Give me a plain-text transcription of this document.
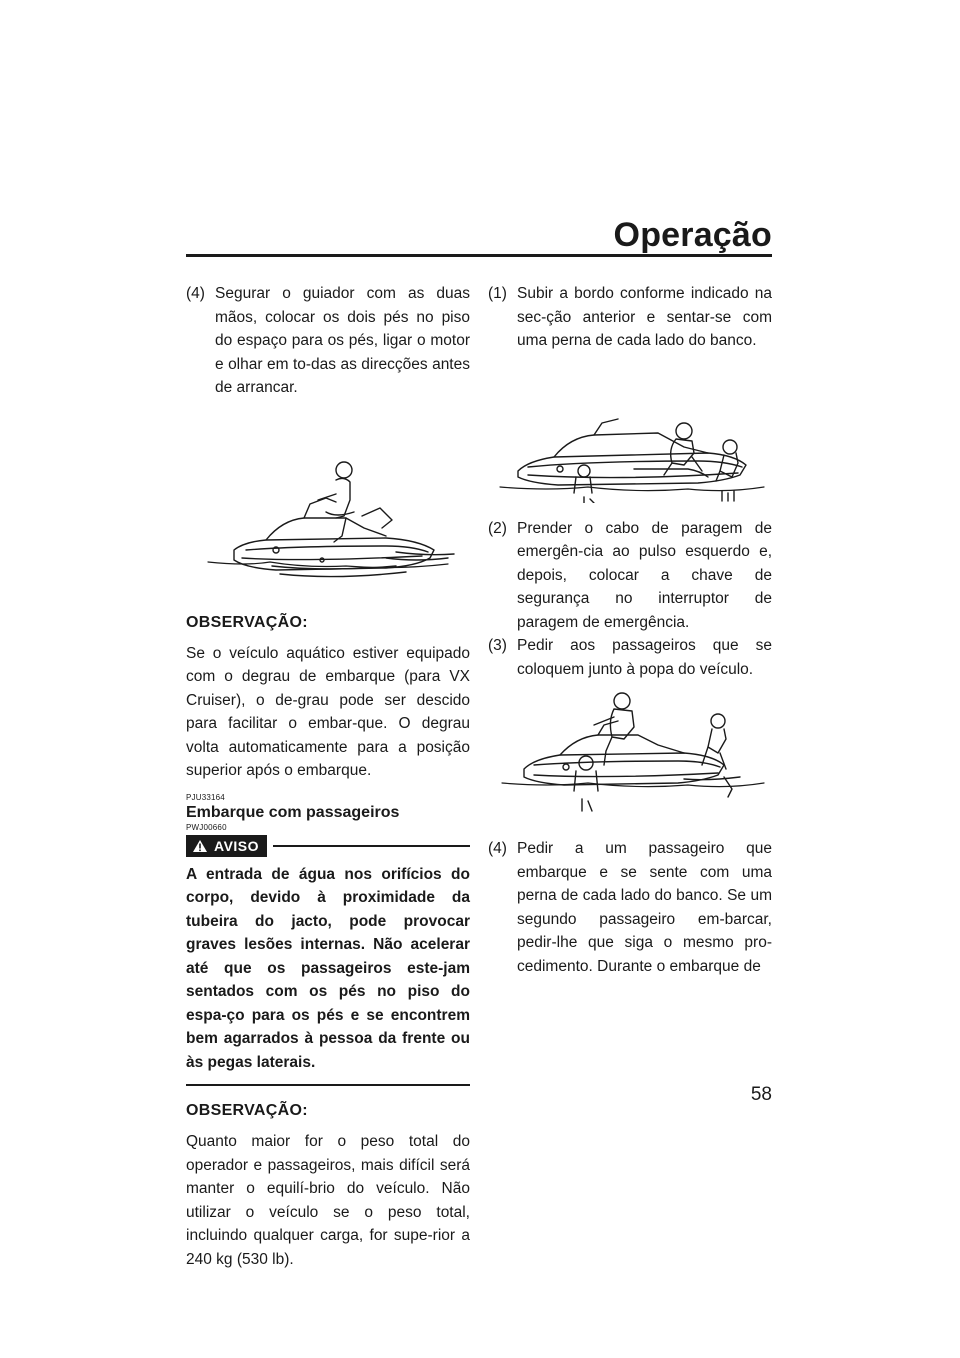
Operação

(4) Segurar o guiador com as duas mãos, colocar os dois pés no piso do espaço para os pés, ligar o motor e olhar em to-das as direcções antes de arrancar.

OBSERVAÇÃO:

Se o veículo aquático estiver equipado com o degrau de embarque (para VX Cruiser), o de-grau pode ser descido para facilitar o embar-que. O degrau volta automaticamente para a posição superior após o embarque.

PJU33164

Embarque com passageiros

PWJ00660

AVISO

A entrada de água nos orifícios do corpo, devido à proximidade da tubeira do jacto, pode provocar graves lesões internas. Não acelerar até que os passageiros este-jam sentados com os pés no piso do espa-ço para os pés e se encontrem bem agarrados à pessoa da frente ou às pegas laterais.

OBSERVAÇÃO:

Quanto maior for o peso total do operador e passageiros, mais difícil será manter o equilí-brio do veículo. Não utilizar o veículo se o peso total, incluindo qualquer carga, for supe-rior a 240 kg (530 lb).

(1) Subir a bordo conforme indicado na sec-ção anterior e sentar-se com uma perna de cada lado do banco.

(2) Prender o cabo de paragem de emergên-cia ao pulso esquerdo e, depois, colocar a chave de segurança no interruptor de paragem de emergência.

(3) Pedir aos passageiros que se coloquem junto à popa do veículo.

(4) Pedir a um passageiro que embarque e se sente com uma perna de cada lado do banco. Se um segundo passageiro em-barcar, pedir-lhe que siga o mesmo pro-cedimento. Durante o embarque de

58
